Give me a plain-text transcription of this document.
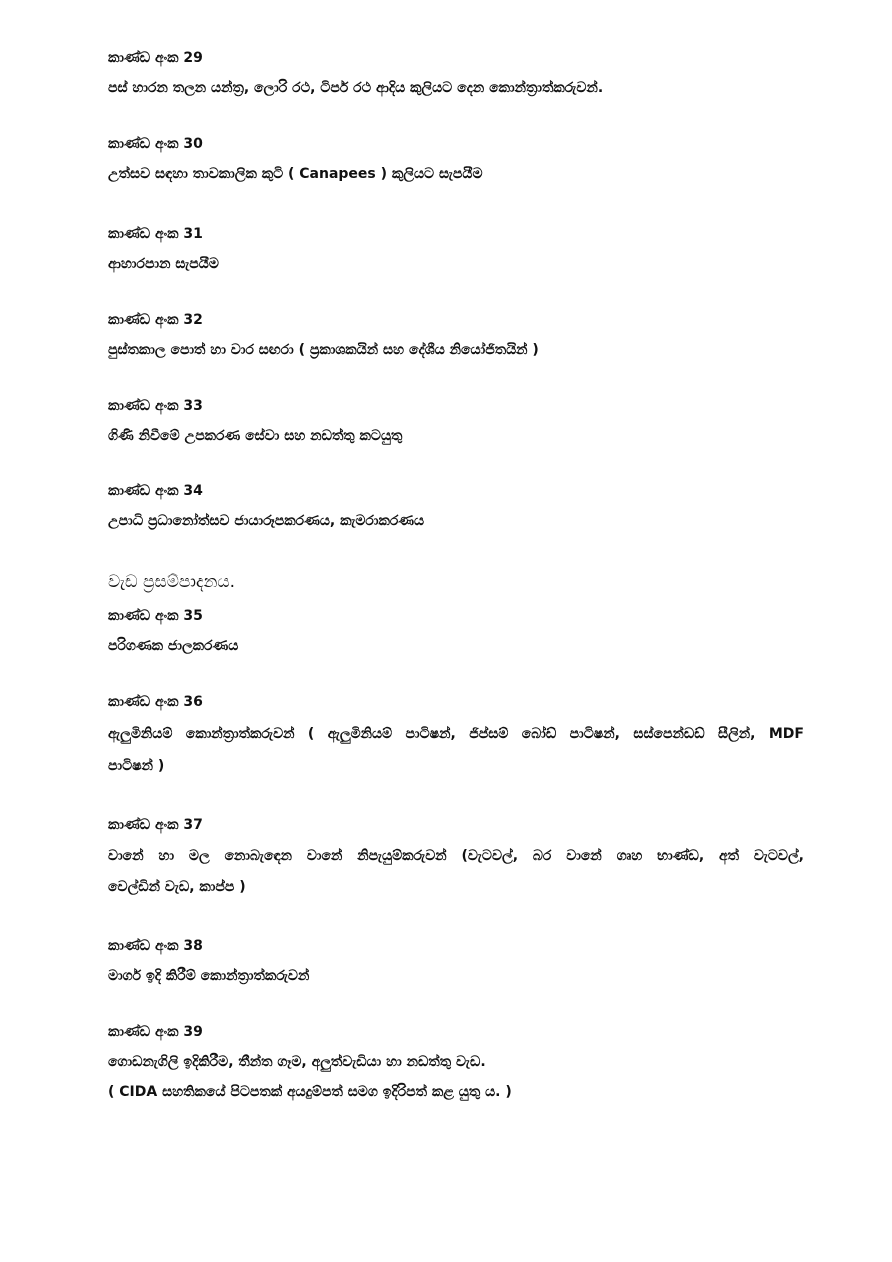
කාණ්ඩ අංක 29
පස් හාරන තලන යන්ත්‍ර, ලොරි රථ, ටිපර් රථ ආදිය කුලියට දෙන කොන්ත්‍රාත්කරුවන්.
කාණ්ඩ අංක 30
උත්සව සඳහා තාවකාලික කුටි ( Canapees ) කුලියට සැපයීම
කාණ්ඩ අංක 31
ආහාරපාන සැපයීම
කාණ්ඩ අංක 32
පුස්තකාල පොත් හා වාර සඟරා ( ප්‍රකාශකයින් සහ දේශීය නියෝජිතයින් )
කාණ්ඩ අංක 33
ගිණි නිවීමේ උපකරණ සේවා සහ නඩත්තු කටයුතු
කාණ්ඩ අංක 34
උපාධි ප්‍රධානෝත්සව ජායාරූපකරණය, කැමරාකරණය
වැඩ ප්‍රසම්පාදනය.
කාණ්ඩ අංක 35
පරිගණක ජාලකරණය
කාණ්ඩ අංක 36
ඇලුමිනියම් කොන්ත්‍රාත්කරුවන් ( ඇලුමිනියම් පාටිෂන්, ජිප්සම් බෝඩ් පාටිෂන්, සස්පෙන්ඩඩ් සීලින්, MDF
පාටිෂන් )
කාණ්ඩ අංක 37
වානේ හා මල නොබැඳෙන වානේ නිපැයුම්කරුවන් (වැටවල්, බර වානේ ගෘහ භාණ්ඩ, අත් වැටවල්,
වෙල්ඩින් වැඩ, කාප්ප )
කාණ්ඩ අංක 38
මාර්ග ඉදි කිරීම් කොන්ත්‍රාත්කරුවන්
කාණ්ඩ අංක 39
ගොඩනැගිලි ඉදිකිරීම, තීන්ත ගෑම, අලුත්වැඩියා හා නඩත්තු වැඩ.
( CIDA සහතිකයේ පිටපතක් අයදුම්පත් සමග ඉදිරිපත් කළ යුතු ය. )
